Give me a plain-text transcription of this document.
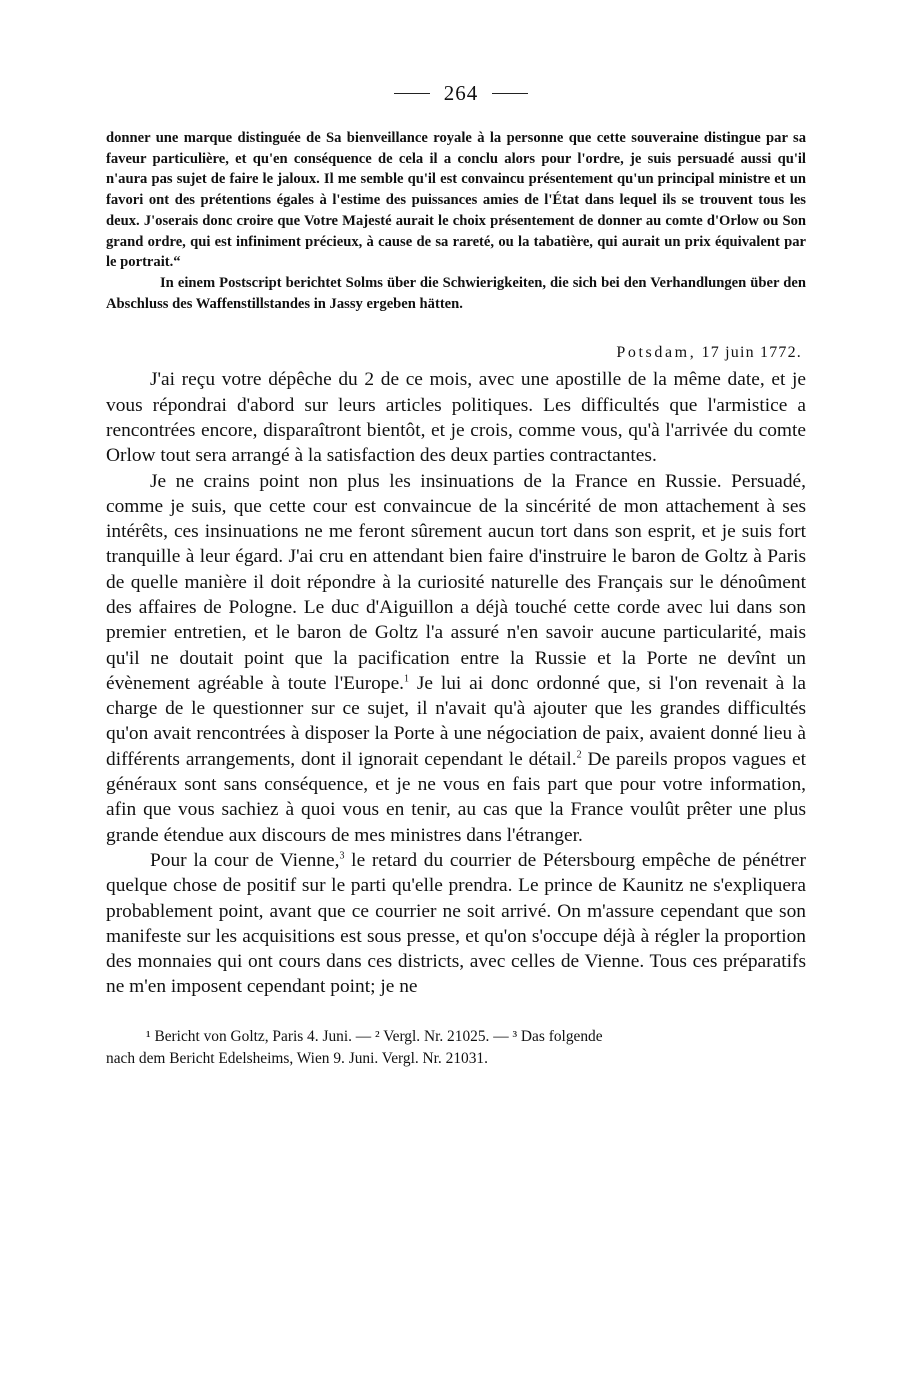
264

donner une marque distinguée de Sa bienveillance royale à la personne que cette souveraine distingue par sa faveur particulière, et qu'en conséquence de cela il a conclu alors pour l'ordre, je suis persuadé aussi qu'il n'aura pas sujet de faire le jaloux. Il me semble qu'il est convaincu présentement qu'un principal ministre et un favori ont des prétentions égales à l'estime des puissances amies de l'État dans lequel ils se trouvent tous les deux. J'oserais donc croire que Votre Majesté aurait le choix présentement de donner au comte d'Orlow ou Son grand ordre, qui est infiniment précieux, à cause de sa rareté, ou la tabatière, qui aurait un prix équivalent par le portrait.“

In einem Postscript berichtet Solms über die Schwierigkeiten, die sich bei den Verhandlungen über den Abschluss des Waffenstillstandes in Jassy ergeben hätten.

Potsdam, 17 juin 1772.

J'ai reçu votre dépêche du 2 de ce mois, avec une apostille de la même date, et je vous répondrai d'abord sur leurs articles politiques. Les difficultés que l'armistice a rencontrées encore, disparaîtront bientôt, et je crois, comme vous, qu'à l'arrivée du comte Orlow tout sera arrangé à la satisfaction des deux parties contractantes.

Je ne crains point non plus les insinuations de la France en Russie. Persuadé, comme je suis, que cette cour est convaincue de la sincérité de mon attachement à ses intérêts, ces insinuations ne me feront sûrement aucun tort dans son esprit, et je suis fort tranquille à leur égard. J'ai cru en attendant bien faire d'instruire le baron de Goltz à Paris de quelle manière il doit répondre à la curiosité naturelle des Français sur le dénoûment des affaires de Pologne. Le duc d'Aiguillon a déjà touché cette corde avec lui dans son premier entretien, et le baron de Goltz l'a assuré n'en savoir aucune particularité, mais qu'il ne doutait point que la pacification entre la Russie et la Porte ne devînt un évènement agréable à toute l'Europe.$^1$ Je lui ai donc ordonné que, si l'on revenait à la charge de le questionner sur ce sujet, il n'avait qu'à ajouter que les grandes difficultés qu'on avait rencontrées à disposer la Porte à une négociation de paix, avaient donné lieu à différents arrangements, dont il ignorait cependant le détail.$^2$ De pareils propos vagues et généraux sont sans conséquence, et je ne vous en fais part que pour votre information, afin que vous sachiez à quoi vous en tenir, au cas que la France voulût prêter une plus grande étendue aux discours de mes ministres dans l'étranger.

Pour la cour de Vienne,$^3$ le retard du courrier de Pétersbourg empêche de pénétrer quelque chose de positif sur le parti qu'elle prendra. Le prince de Kaunitz ne s'expliquera probablement point, avant que ce courrier ne soit arrivé. On m'assure cependant que son manifeste sur les acquisitions est sous presse, et qu'on s'occupe déjà à régler la proportion des monnaies qui ont cours dans ces districts, avec celles de Vienne. Tous ces préparatifs ne m'en imposent cependant point; je ne

¹ Bericht von Goltz, Paris 4. Juni. — ² Vergl. Nr. 21025. — ³ Das folgende

nach dem Bericht Edelsheims, Wien 9. Juni. Vergl. Nr. 21031.
